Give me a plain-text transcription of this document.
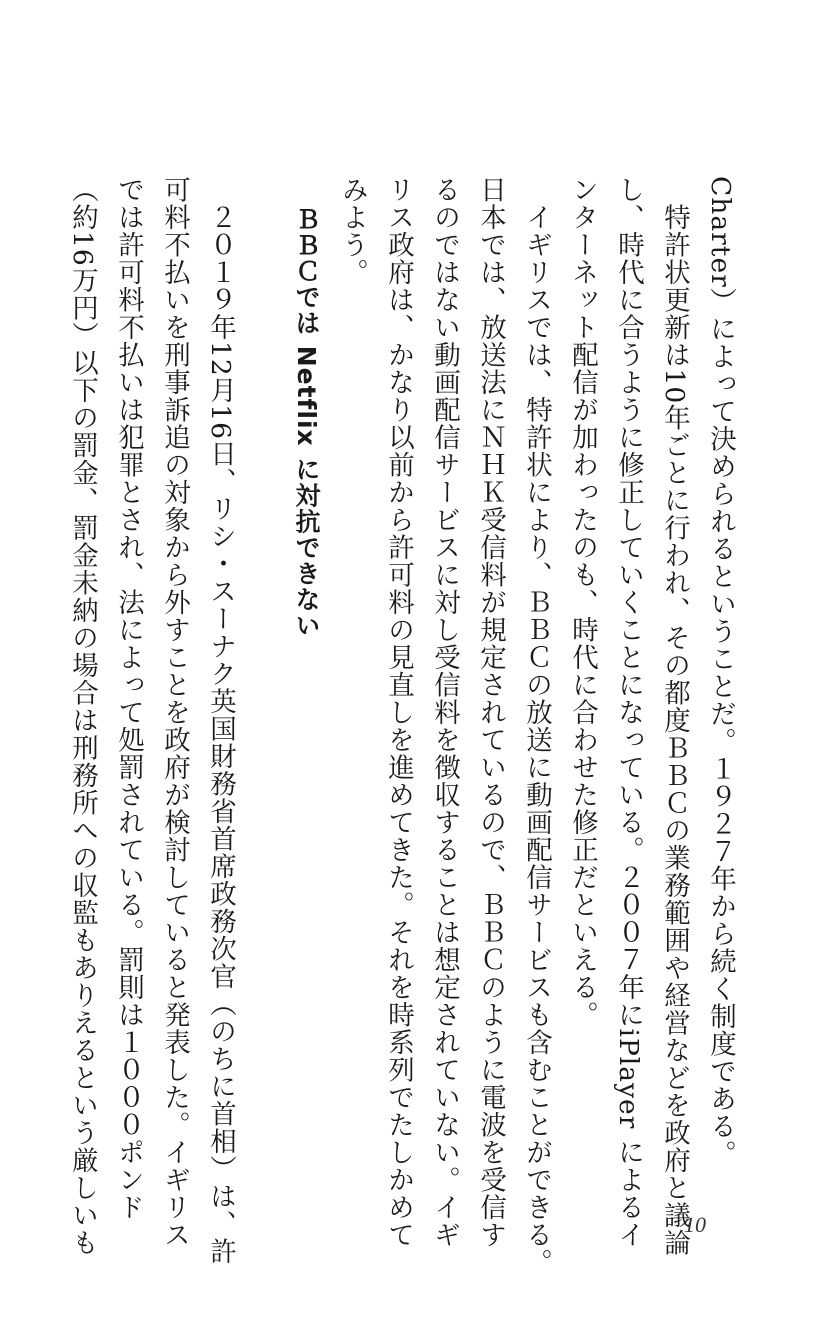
Charter）によって決められるということだ。１９２７年から続く制度である。
　特許状更新は10年ごとに行われ、その都度ＢＢＣの業務範囲や経営などを政府と議論
し、時代に合うように修正していくことになっている。２００７年にiPlayer によるイ
ンターネット配信が加わったのも、時代に合わせた修正だといえる。
　イギリスでは、特許状により、ＢＢＣの放送に動画配信サービスも含むことができる。
日本では、放送法にＮＨＫ受信料が規定されているので、ＢＢＣのように電波を受信す
るのではない動画配信サービスに対し受信料を徴収することは想定されていない。イギ
リス政府は、かなり以前から許可料の見直しを進めてきた。それを時系列でたしかめて
みよう。
ＢＢＣでは Netflix に対抗できない
　２０１９年12月16日、リシ・スーナク英国財務省首席政務次官（のちに首相）は、許
可料不払いを刑事訴追の対象から外すことを政府が検討していると発表した。イギリス
では許可料不払いは犯罪とされ、法によって処罰されている。罰則は１０００ポンド
（約16万円）以下の罰金、罰金未納の場合は刑務所への収監もありえるという厳しいも	10
